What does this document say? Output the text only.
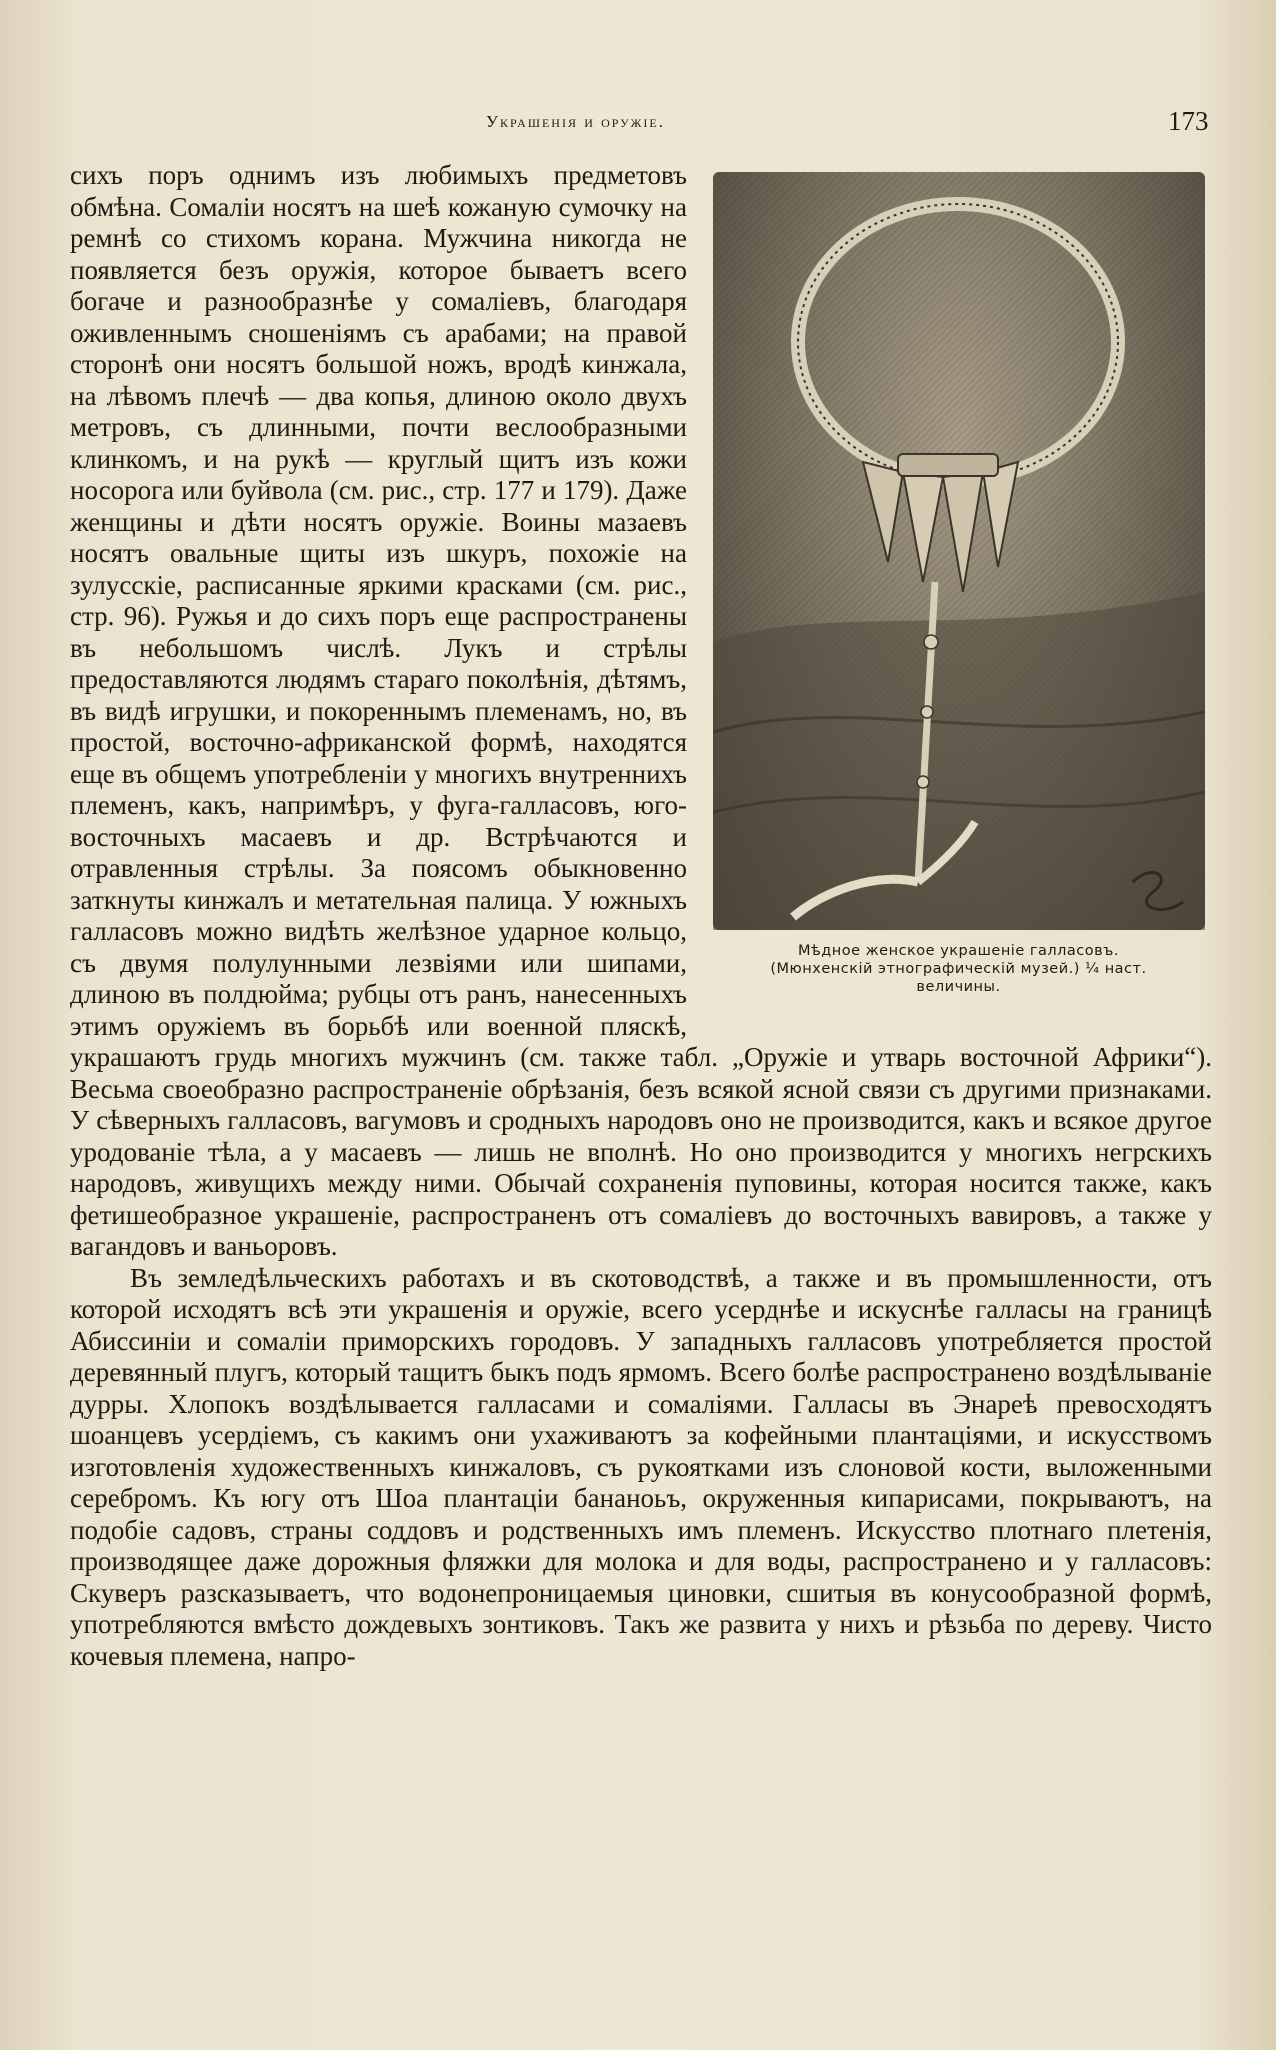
Украшенія и оружіе.	173
Мѣдное женское украшеніе галласовъ.
(Мюнхенскій этнографическій музей.) ¼ наст.
величины.

сихъ поръ однимъ изъ любимыхъ предметовъ обмѣна. Сомаліи носятъ на шеѣ кожаную сумочку на ремнѣ со стихомъ корана. Мужчина никогда не появляется безъ оружія, которое бываетъ всего богаче и разнообразнѣе у сомаліевъ, благодаря оживленнымъ сношеніямъ съ арабами; на правой сторонѣ они носятъ большой ножъ, вродѣ кинжала, на лѣвомъ плечѣ — два копья, длиною около двухъ метровъ, съ длинными, почти веслообразными клинкомъ, и на рукѣ — круглый щитъ изъ кожи носорога или буйвола (см. рис., стр. 177 и 179). Даже женщины и дѣти носятъ оружіе. Воины мазаевъ носятъ овальные щиты изъ шкуръ, похожіе на зулусскіе, расписанные яркими красками (см. рис., стр. 96). Ружья и до сихъ поръ еще распространены въ небольшомъ числѣ. Лукъ и стрѣлы предоставляются людямъ стараго поколѣнія, дѣтямъ, въ видѣ игрушки, и покореннымъ племенамъ, но, въ простой, восточно-африканской формѣ, находятся еще въ общемъ употребленіи у многихъ внутреннихъ племенъ, какъ, напримѣръ, у фуга-галласовъ, юго-восточныхъ масаевъ и др. Встрѣчаются и отравленныя стрѣлы. За поясомъ обыкновенно заткнуты кинжалъ и метательная палица. У южныхъ галласовъ можно видѣть желѣзное ударное кольцо, съ двумя полулунными лезвіями или шипами, длиною въ полдюйма; рубцы отъ ранъ, нанесенныхъ этимъ оружіемъ въ борьбѣ или военной пляскѣ, украшаютъ грудь многихъ мужчинъ (см. также табл. „Оружіе и утварь восточной Африки“). Весьма своеобразно распространеніе обрѣзанія, безъ всякой ясной связи съ другими признаками. У сѣверныхъ галласовъ, вагумовъ и сродныхъ народовъ оно не производится, какъ и всякое другое уродованіе тѣла, а у масаевъ — лишь не вполнѣ. Но оно производится у многихъ негрскихъ народовъ, живущихъ между ними. Обычай сохраненія пуповины, которая носится также, какъ фетишеобразное украшеніе, распространенъ отъ сомаліевъ до восточныхъ вавировъ, а также у вагандовъ и ваньоровъ.

Въ земледѣльческихъ работахъ и въ скотоводствѣ, а также и въ промышленности, отъ которой исходятъ всѣ эти украшенія и оружіе, всего усерднѣе и искуснѣе галласы на границѣ Абиссиніи и сомаліи приморскихъ городовъ. У западныхъ галласовъ употребляется простой деревянный плугъ, который тащитъ быкъ подъ ярмомъ. Всего болѣе распространено воздѣлываніе дурры. Хлопокъ воздѣлывается галласами и сомаліями. Галласы въ Энареѣ превосходятъ шоанцевъ усердіемъ, съ какимъ они ухаживаютъ за кофейными плантаціями, и искусствомъ изготовленія художественныхъ кинжаловъ, съ рукоятками изъ слоновой кости, выложенными серебромъ. Къ югу отъ Шоа плантаціи бананоьъ, окруженныя кипарисами, покрываютъ, на подобіе садовъ, страны соддовъ и родственныхъ имъ племенъ. Искусство плотнаго плетенія, производящее даже дорожныя фляжки для молока и для воды, распространено и у галласовъ: Скуверъ разсказываетъ, что водонепроницаемыя циновки, сшитыя въ конусообразной формѣ, употребляются вмѣсто дождевыхъ зонтиковъ. Такъ же развита у нихъ и рѣзьба по дереву. Чисто кочевыя племена, напро-
